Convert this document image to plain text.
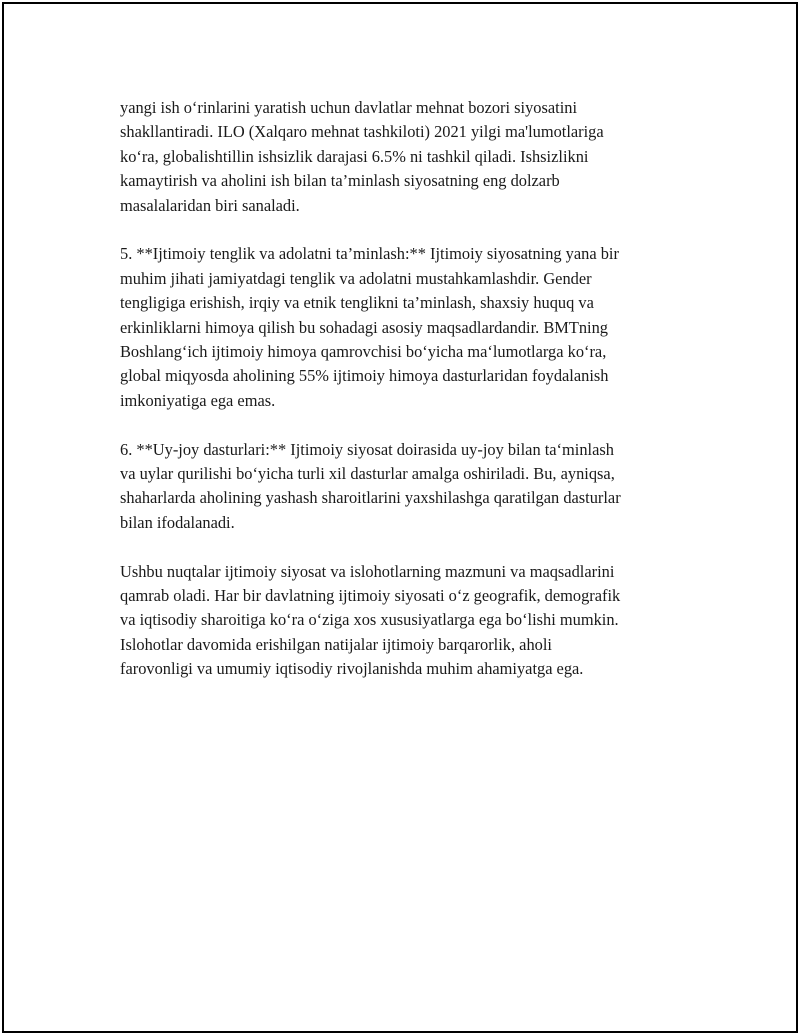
yangi ish o‘rinlarini yaratish uchun davlatlar mehnat bozori siyosatini
shakllantiradi. ILO (Xalqaro mehnat tashkiloti) 2021 yilgi ma'lumotlariga
ko‘ra, globalishtillin ishsizlik darajasi 6.5% ni tashkil qiladi. Ishsizlikni
kamaytirish va aholini ish bilan ta’minlash siyosatning eng dolzarb
masalalaridan biri sanaladi.

5. **Ijtimoiy tenglik va adolatni ta’minlash:** Ijtimoiy siyosatning yana bir
muhim jihati jamiyatdagi tenglik va adolatni mustahkamlashdir. Gender
tengligiga erishish, irqiy va etnik tenglikni ta’minlash, shaxsiy huquq va
erkinliklarni himoya qilish bu sohadagi asosiy maqsadlardandir. BMTning
Boshlang‘ich ijtimoiy himoya qamrovchisi bo‘yicha ma‘lumotlarga ko‘ra,
global miqyosda aholining 55% ijtimoiy himoya dasturlaridan foydalanish
imkoniyatiga ega emas.

6. **Uy-joy dasturlari:** Ijtimoiy siyosat doirasida uy-joy bilan ta‘minlash
va uylar qurilishi bo‘yicha turli xil dasturlar amalga oshiriladi. Bu, ayniqsa,
shaharlarda aholining yashash sharoitlarini yaxshilashga qaratilgan dasturlar
bilan ifodalanadi.

Ushbu nuqtalar ijtimoiy siyosat va islohotlarning mazmuni va maqsadlarini
qamrab oladi. Har bir davlatning ijtimoiy siyosati o‘z geografik, demografik
va iqtisodiy sharoitiga ko‘ra o‘ziga xos xususiyatlarga ega bo‘lishi mumkin.
Islohotlar davomida erishilgan natijalar ijtimoiy barqarorlik, aholi
farovonligi va umumiy iqtisodiy rivojlanishda muhim ahamiyatga ega.
